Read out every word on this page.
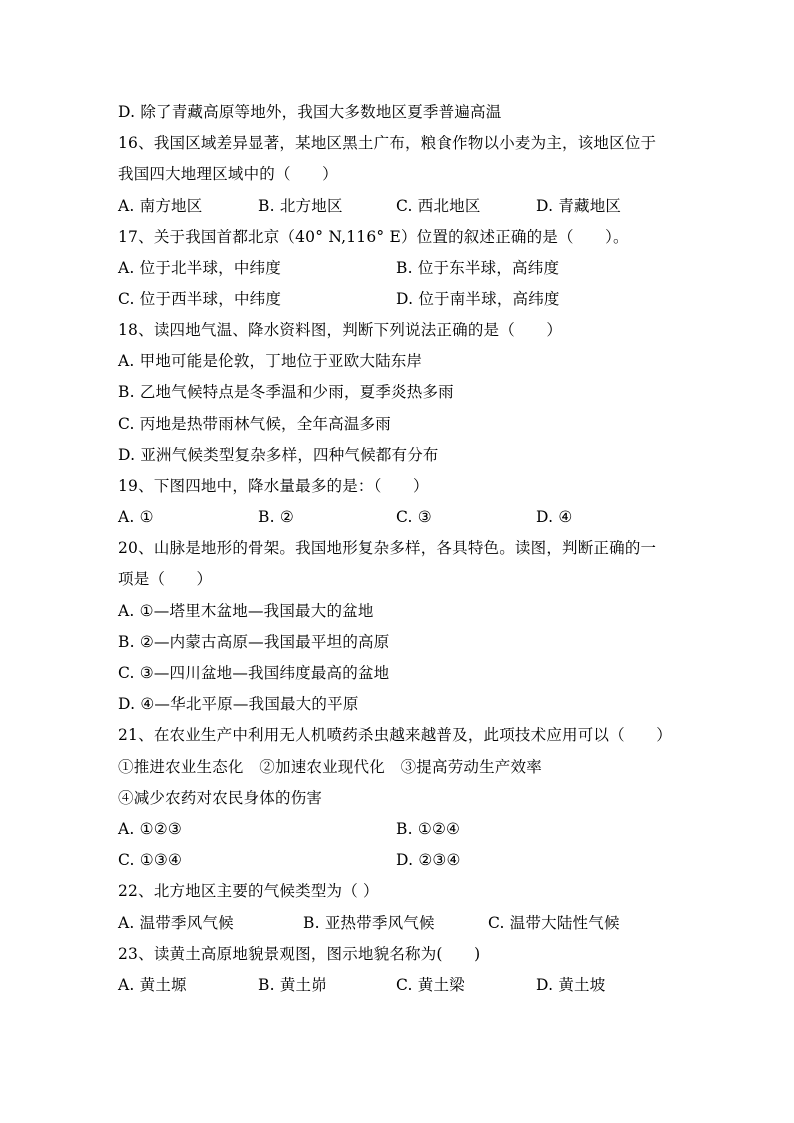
D. 除了青藏高原等地外，我国大多数地区夏季普遍高温
16、我国区域差异显著，某地区黑土广布，粮食作物以小麦为主，该地区位于
我国四大地理区域中的（　　）
A. 南方地区	B. 北方地区	C. 西北地区	D. 青藏地区
17、关于我国首都北京（40° N,116° E）位置的叙述正确的是（　　）。
A. 位于北半球，中纬度	B. 位于东半球，高纬度
C. 位于西半球，中纬度	D. 位于南半球，高纬度
18、读四地气温、降水资料图，判断下列说法正确的是（　　）
A. 甲地可能是伦敦，丁地位于亚欧大陆东岸
B. 乙地气候特点是冬季温和少雨，夏季炎热多雨
C. 丙地是热带雨林气候，全年高温多雨
D. 亚洲气候类型复杂多样，四种气候都有分布
19、下图四地中，降水量最多的是：（　　）
A. ①	B. ②	C. ③	D. ④
20、山脉是地形的骨架。我国地形复杂多样，各具特色。读图，判断正确的一
项是（　　）
A. ①—塔里木盆地—我国最大的盆地
B. ②—内蒙古高原—我国最平坦的高原
C. ③—四川盆地—我国纬度最高的盆地
D. ④—华北平原—我国最大的平原
21、在农业生产中利用无人机喷药杀虫越来越普及，此项技术应用可以（　　）
①推进农业生态化　②加速农业现代化　③提高劳动生产效率
④减少农药对农民身体的伤害
A. ①②③	B. ①②④
C. ①③④	D. ②③④
22、北方地区主要的气候类型为（ ）
A. 温带季风气候	B. 亚热带季风气候	C. 温带大陆性气候
23、读黄土高原地貌景观图，图示地貌名称为(　　)
A. 黄土塬	B. 黄土峁	C. 黄土梁	D. 黄土坡
